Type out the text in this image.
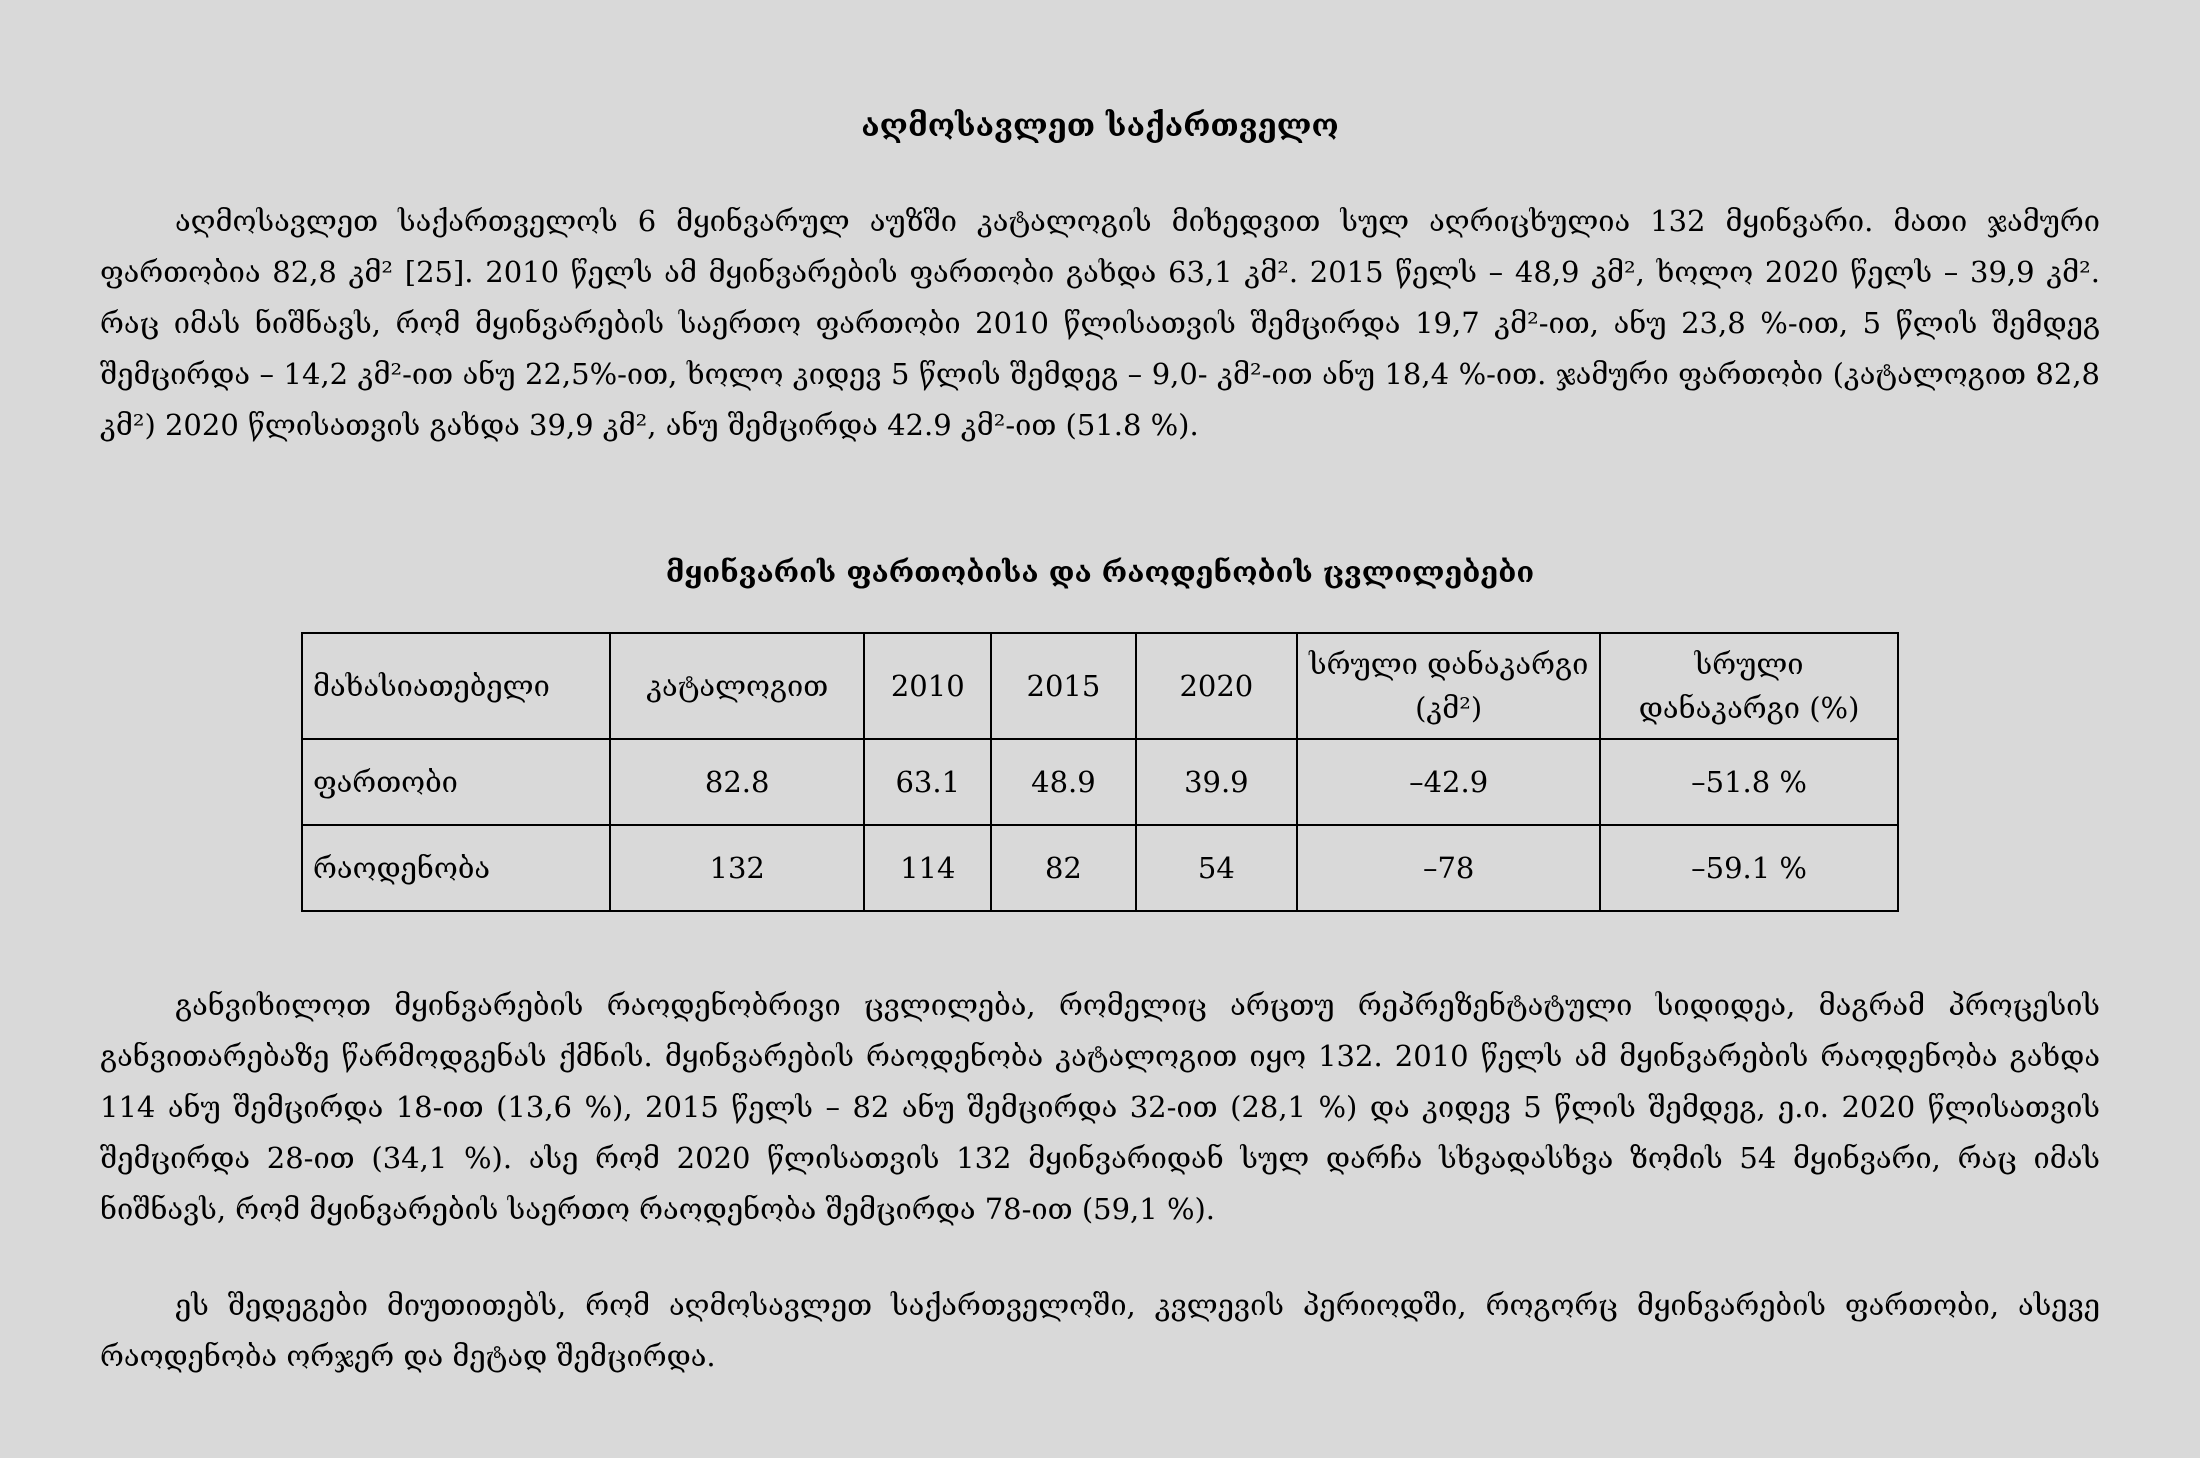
აღმოსავლეთ საქართველო

აღმოსავლეთ საქართველოს 6 მყინვარულ აუზში კატალოგის მიხედვით სულ აღრიცხულია 132 მყინვარი. მათი ჯამური ფართობია 82,8 კმ² [25]. 2010 წელს ამ მყინვარების ფართობი გახდა 63,1 კმ². 2015 წელს – 48,9 კმ², ხოლო 2020 წელს – 39,9 კმ². რაც იმას ნიშნავს, რომ მყინვარების საერთო ფართობი 2010 წლისათვის შემცირდა 19,7 კმ²-ით, ანუ 23,8 %-ით, 5 წლის შემდეგ შემცირდა – 14,2 კმ²-ით ანუ 22,5%-ით, ხოლო კიდევ 5 წლის შემდეგ – 9,0- კმ²-ით ანუ 18,4 %-ით. ჯამური ფართობი (კატალოგით 82,8 კმ²) 2020 წლისათვის გახდა 39,9 კმ², ანუ შემცირდა 42.9 კმ²-ით (51.8 %).

მყინვარის ფართობისა და რაოდენობის ცვლილებები
მახასიათებელი	კატალოგით	2010	2015	2020	სრული დანაკარგი (კმ²)	სრული დანაკარგი (%)
ფართობი	82.8	63.1	48.9	39.9	–42.9	–51.8 %
რაოდენობა	132	114	82	54	–78	–59.1 %

განვიხილოთ მყინვარების რაოდენობრივი ცვლილება, რომელიც არცთუ რეპრეზენტატული სიდიდეა, მაგრამ პროცესის განვითარებაზე წარმოდგენას ქმნის. მყინვარების რაოდენობა კატალოგით იყო 132. 2010 წელს ამ მყინვარების რაოდენობა გახდა 114 ანუ შემცირდა 18-ით (13,6 %), 2015 წელს – 82 ანუ შემცირდა 32-ით (28,1 %) და კიდევ 5 წლის შემდეგ, ე.ი. 2020 წლისათვის შემცირდა 28-ით (34,1 %). ასე რომ 2020 წლისათვის 132 მყინვარიდან სულ დარჩა სხვადასხვა ზომის 54 მყინვარი, რაც იმას ნიშნავს, რომ მყინვარების საერთო რაოდენობა შემცირდა 78-ით (59,1 %).

ეს შედეგები მიუთითებს, რომ აღმოსავლეთ საქართველოში, კვლევის პერიოდში, როგორც მყინვარების ფართობი, ასევე რაოდენობა ორჯერ და მეტად შემცირდა.
